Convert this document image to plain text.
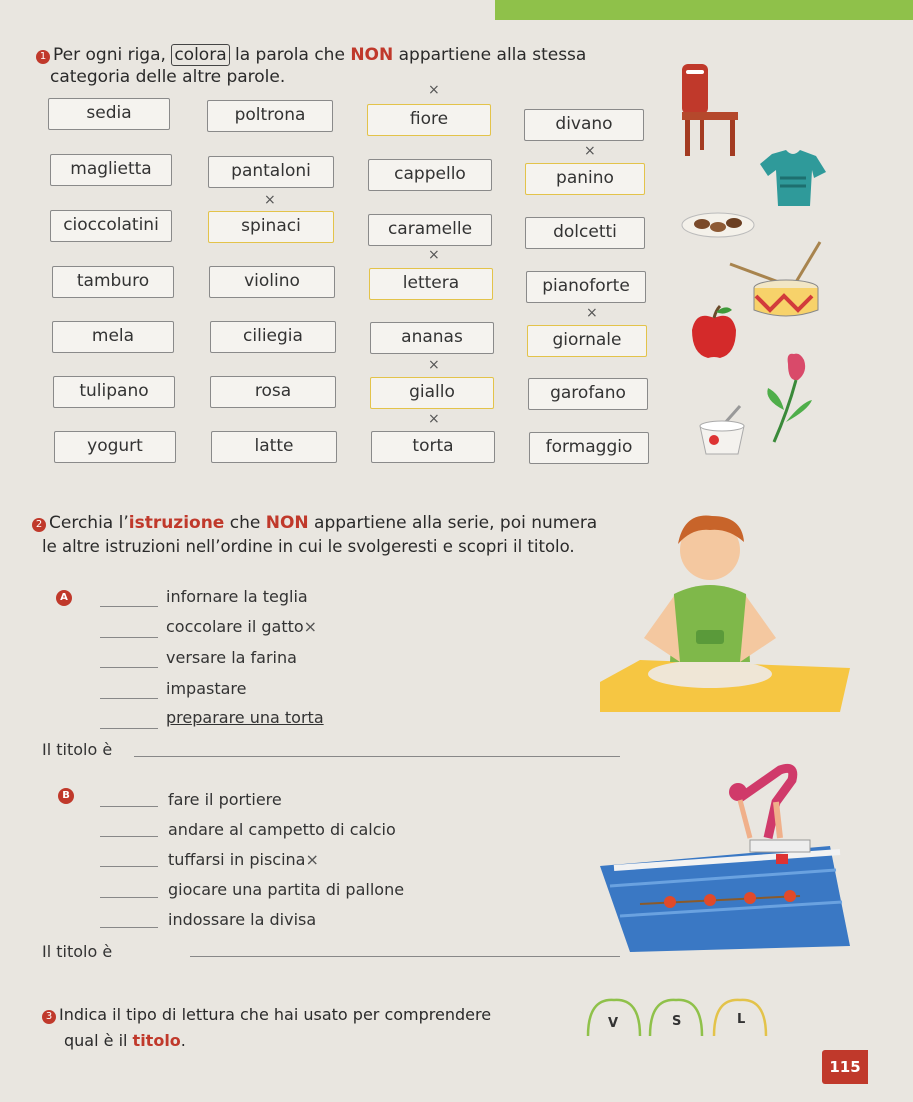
1 Per ogni riga, colora la parola che NON appartiene alla stessa
categoria delle altre parole.
sedia	poltrona	fiore	divano
×
maglietta	pantaloni	cappello	panino
×
cioccolatini	spinaci	caramelle	dolcetti
×
tamburo	violino	lettera	pianoforte
×
mela	ciliegia	ananas	giornale
×
tulipano	rosa	giallo	garofano
×
yogurt	latte	torta	formaggio
×
2 Cerchia l’istruzione che NON appartiene alla serie, poi numera
le altre istruzioni nell’ordine in cui le svolgeresti e scopri il titolo.
A	infornare la teglia
coccolare il gatto×
versare la farina
impastare
preparare una torta
Il titolo è
B	fare il portiere
andare al campetto di calcio
tuffarsi in piscina×
giocare una partita di pallone
indossare la divisa
Il titolo è
3 Indica il tipo di lettura che hai usato per comprendere
qual è il titolo.
V	S	L
115
